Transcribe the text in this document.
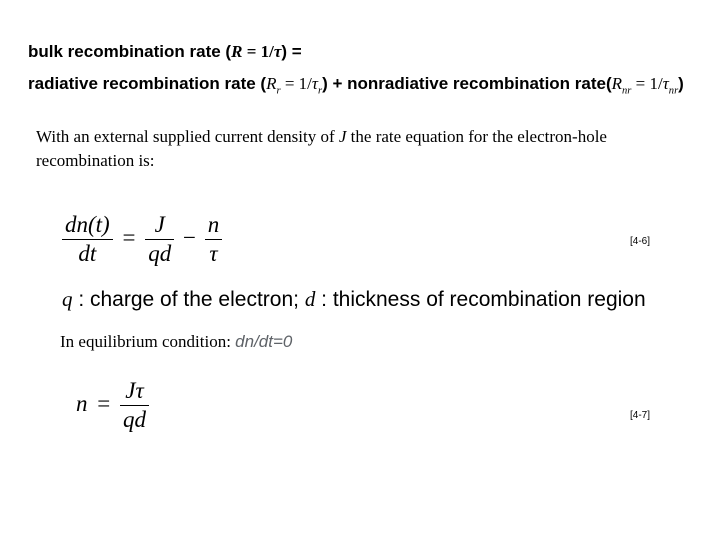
bulk recombination rate (R = 1/τ) =
radiative recombination rate $(R_r = 1/\tau_r)$ + nonradiative recombination $rate(R_{nr} = 1/\tau_{nr})$
With an external supplied current density of J the rate equation for the electron-hole
recombination is:
$\frac{dn(t)}{dt} = \frac{J}{qd} - \frac{n}{\tau}$	[4-6]
q : charge of the electron; d : thickness of recombination region
In equilibrium condition: dn/dt=0
$n = \frac{J\tau}{qd}$	[4-7]
